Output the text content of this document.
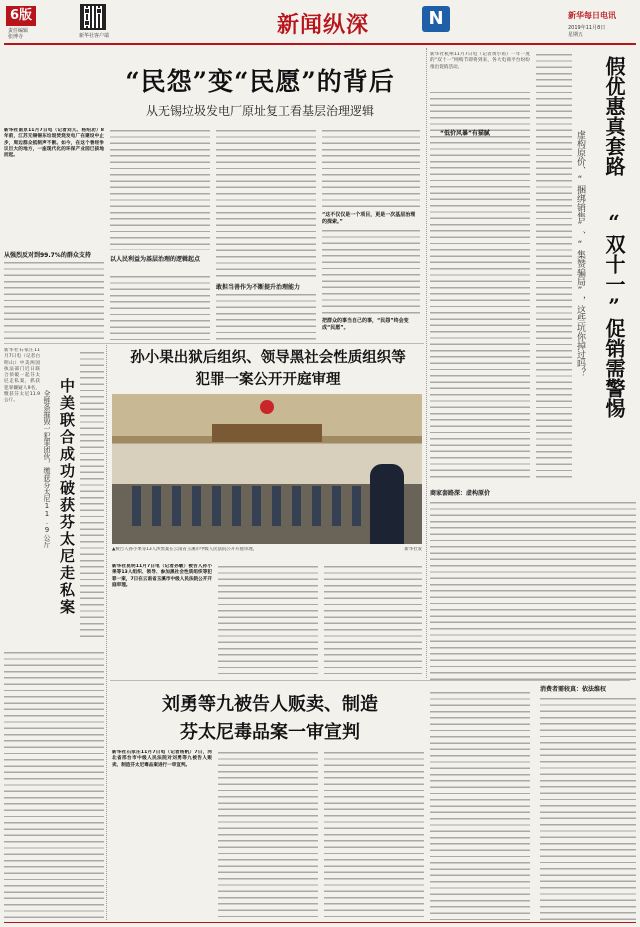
6版
责任编辑
张博寺	新华社客户端	新闻纵深	N	新华每日电讯
2019年11月8日
星期五
“民怨”变“民愿”的背后
从无锡垃圾发电厂原址复工看基层治理逻辑
新华社南京11月7日电（记者刘亢、杨绍功）8年前，江苏无锡锡东垃圾焚烧发电厂在建设中止步，周边群众抵制声不断。如今，在这个曾经争议巨大的地方，一座现代化的环保产业园已拔地而起。 　　　　　　　　　　　　　　　　　　　　　　　　　　　　　　　　　　　　　　　　　　　　　　　　　　　　
从强烈反对到99.7%的群众支持
以人民利益为基层治理的逻辑起点
敢担当善作为不断提升治理能力
“这不仅仅是一个项目，更是一次基层治理的探索。”
把群众的事当自己的事，“民怨”终会变成“民愿”。
中美联合成功破获芬太尼走私案
全链条摧毁一犯罪团伙，缴获芬太尼11.9公斤
新华社石家庄11月7日电（记者白明山）中美两国执法部门近日联合侦破一起芬太尼走私案，抓获犯罪嫌疑人9名，缴获芬太尼11.9公斤。
孙小果出狱后组织、领导黑社会性质组织等
犯罪一案公开开庭审理
▲被告人孙小果等13人涉黑案在云南省玉溪市中级人民法院公开开庭审理。	新华社发
新华社昆明11月7日电（记者孙敏）被告人孙小果等13人组织、领导、参加黑社会性质组织等犯罪一案，7日在云南省玉溪市中级人民法院公开开庭审理。
刘勇等九被告人贩卖、制造
芬太尼毒品案一审宣判
新华社石家庄11月7日电（记者杨帆）7日，河北省邢台市中级人民法院对刘勇等九被告人贩卖、制造芬太尼毒品案进行一审宣判。
新华社杭州11月7日电（记者黄小希）一年一度的“双十一”网购节即将到来，各大电商平台纷纷推出促销活动。
“低价风暴”有猫腻
商家套路深：虚构原价
消费者需较真：依法维权
假优惠真套路
“双十一”促销需警惕
虚构原价、“捆绑销售”、“集赞骗局”，这些坑你掉过吗？
